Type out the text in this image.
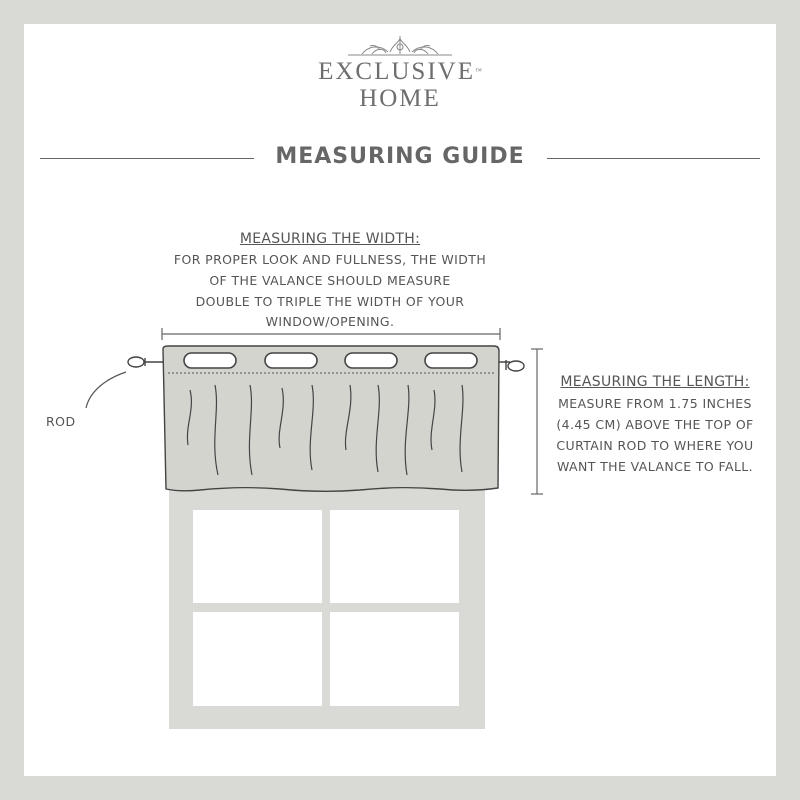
EXCLUSIVE™
HOME
MEASURING GUIDE
MEASURING THE WIDTH:
FOR PROPER LOOK AND FULLNESS, THE WIDTH
OF THE VALANCE SHOULD MEASURE
DOUBLE TO TRIPLE THE WIDTH OF YOUR
WINDOW/OPENING.
MEASURING THE LENGTH:
MEASURE FROM 1.75 INCHES
(4.45 CM) ABOVE THE TOP OF
CURTAIN ROD TO WHERE YOU
WANT THE VALANCE TO FALL.
ROD
